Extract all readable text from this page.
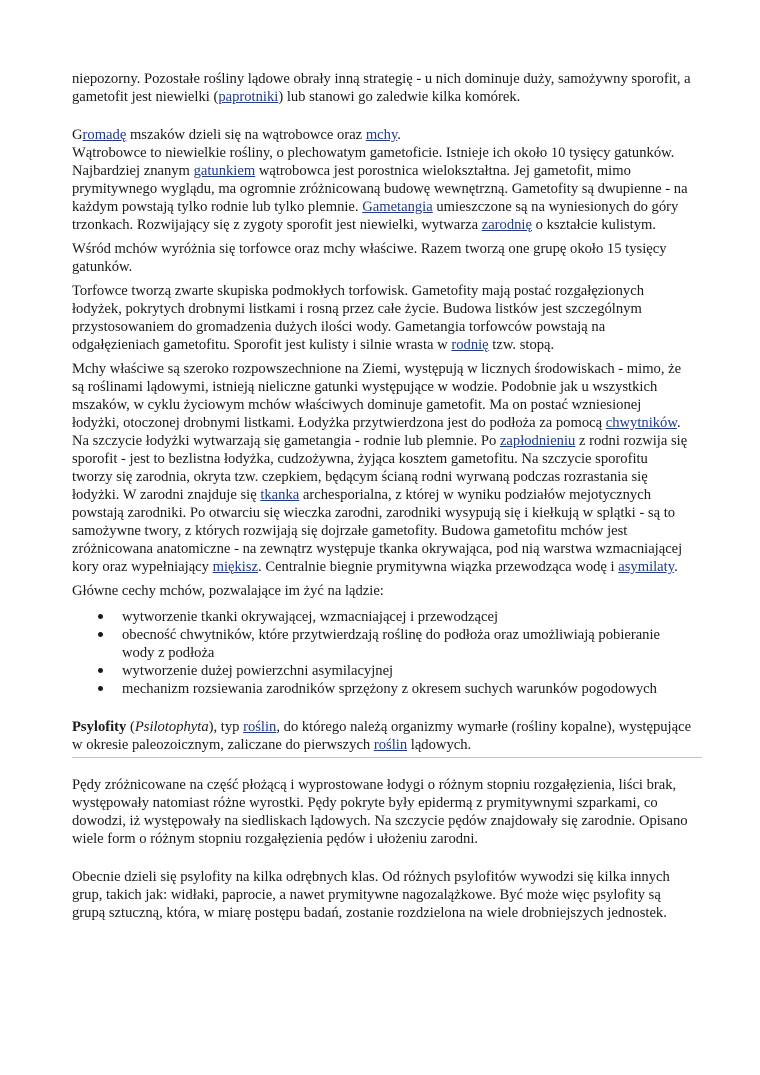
niepozorny. Pozostałe rośliny lądowe obrały inną strategię - u nich dominuje duży, samożywny sporofit, a gametofit jest niewielki (paprotniki) lub stanowi go zaledwie kilka komórek.

Gromadę mszaków dzieli się na wątrobowce oraz mchy.
Wątrobowce to niewielkie rośliny, o plechowatym gametoficie. Istnieje ich około 10 tysięcy gatunków. Najbardziej znanym gatunkiem wątrobowca jest porostnica wielokształtna. Jej gametofit, mimo prymitywnego wyglądu, ma ogromnie zróżnicowaną budowę wewnętrzną. Gametofity są dwupienne - na każdym powstają tylko rodnie lub tylko plemnie. Gametangia umieszczone są na wyniesionych do góry trzonkach. Rozwijający się z zygoty sporofit jest niewielki, wytwarza zarodnię o kształcie kulistym.

Wśród mchów wyróżnia się torfowce oraz mchy właściwe. Razem tworzą one grupę około 15 tysięcy gatunków.

Torfowce tworzą zwarte skupiska podmokłych torfowisk. Gametofity mają postać rozgałęzionych łodyżek, pokrytych drobnymi listkami i rosną przez całe życie. Budowa listków jest szczególnym przystosowaniem do gromadzenia dużych ilości wody. Gametangia torfowców powstają na odgałęzieniach gametofitu. Sporofit jest kulisty i silnie wrasta w rodnię tzw. stopą.

Mchy właściwe są szeroko rozpowszechnione na Ziemi, występują w licznych środowiskach - mimo, że są roślinami lądowymi, istnieją nieliczne gatunki występujące w wodzie. Podobnie jak u wszystkich mszaków, w cyklu życiowym mchów właściwych dominuje gametofit. Ma on postać wzniesionej łodyżki, otoczonej drobnymi listkami. Łodyżka przytwierdzona jest do podłoża za pomocą chwytników. Na szczycie łodyżki wytwarzają się gametangia - rodnie lub plemnie. Po zapłodnieniu z rodni rozwija się sporofit - jest to bezlistna łodyżka, cudzożywna, żyjąca kosztem gametofitu. Na szczycie sporofitu tworzy się zarodnia, okryta tzw. czepkiem, będącym ścianą rodni wyrwaną podczas rozrastania się łodyżki. W zarodni znajduje się tkanka archesporialna, z której w wyniku podziałów mejotycznych powstają zarodniki. Po otwarciu się wieczka zarodni, zarodniki wysypują się i kiełkują w splątki - są to samożywne twory, z których rozwijają się dojrzałe gametofity. Budowa gametofitu mchów jest zróżnicowana anatomiczne - na zewnątrz występuje tkanka okrywająca, pod nią warstwa wzmacniającej kory oraz wypełniający miękisz. Centralnie biegnie prymitywna wiązka przewodząca wodę i asymilaty.

Główne cechy mchów, pozwalające im żyć na lądzie:

wytworzenie tkanki okrywającej, wzmacniającej i przewodzącej
obecność chwytników, które przytwierdzają roślinę do podłoża oraz umożliwiają pobieranie wody z podłoża
wytworzenie dużej powierzchni asymilacyjnej
mechanizm rozsiewania zarodników sprzężony z okresem suchych warunków pogodowych

Psylofity (Psilotophyta), typ roślin, do którego należą organizmy wymarłe (rośliny kopalne), występujące w okresie paleozoicznym, zaliczane do pierwszych roślin lądowych.

Pędy zróżnicowane na część płożącą i wyprostowane łodygi o różnym stopniu rozgałęzienia, liści brak, występowały natomiast różne wyrostki. Pędy pokryte były epidermą z prymitywnymi szparkami, co dowodzi, iż występowały na siedliskach lądowych. Na szczycie pędów znajdowały się zarodnie. Opisano wiele form o różnym stopniu rozgałęzienia pędów i ułożeniu zarodni.

Obecnie dzieli się psylofity na kilka odrębnych klas. Od różnych psylofitów wywodzi się kilka innych grup, takich jak: widłaki, paprocie, a nawet prymitywne nagozalążkowe. Być może więc psylofity są grupą sztuczną, która, w miarę postępu badań, zostanie rozdzielona na wiele drobniejszych jednostek.
